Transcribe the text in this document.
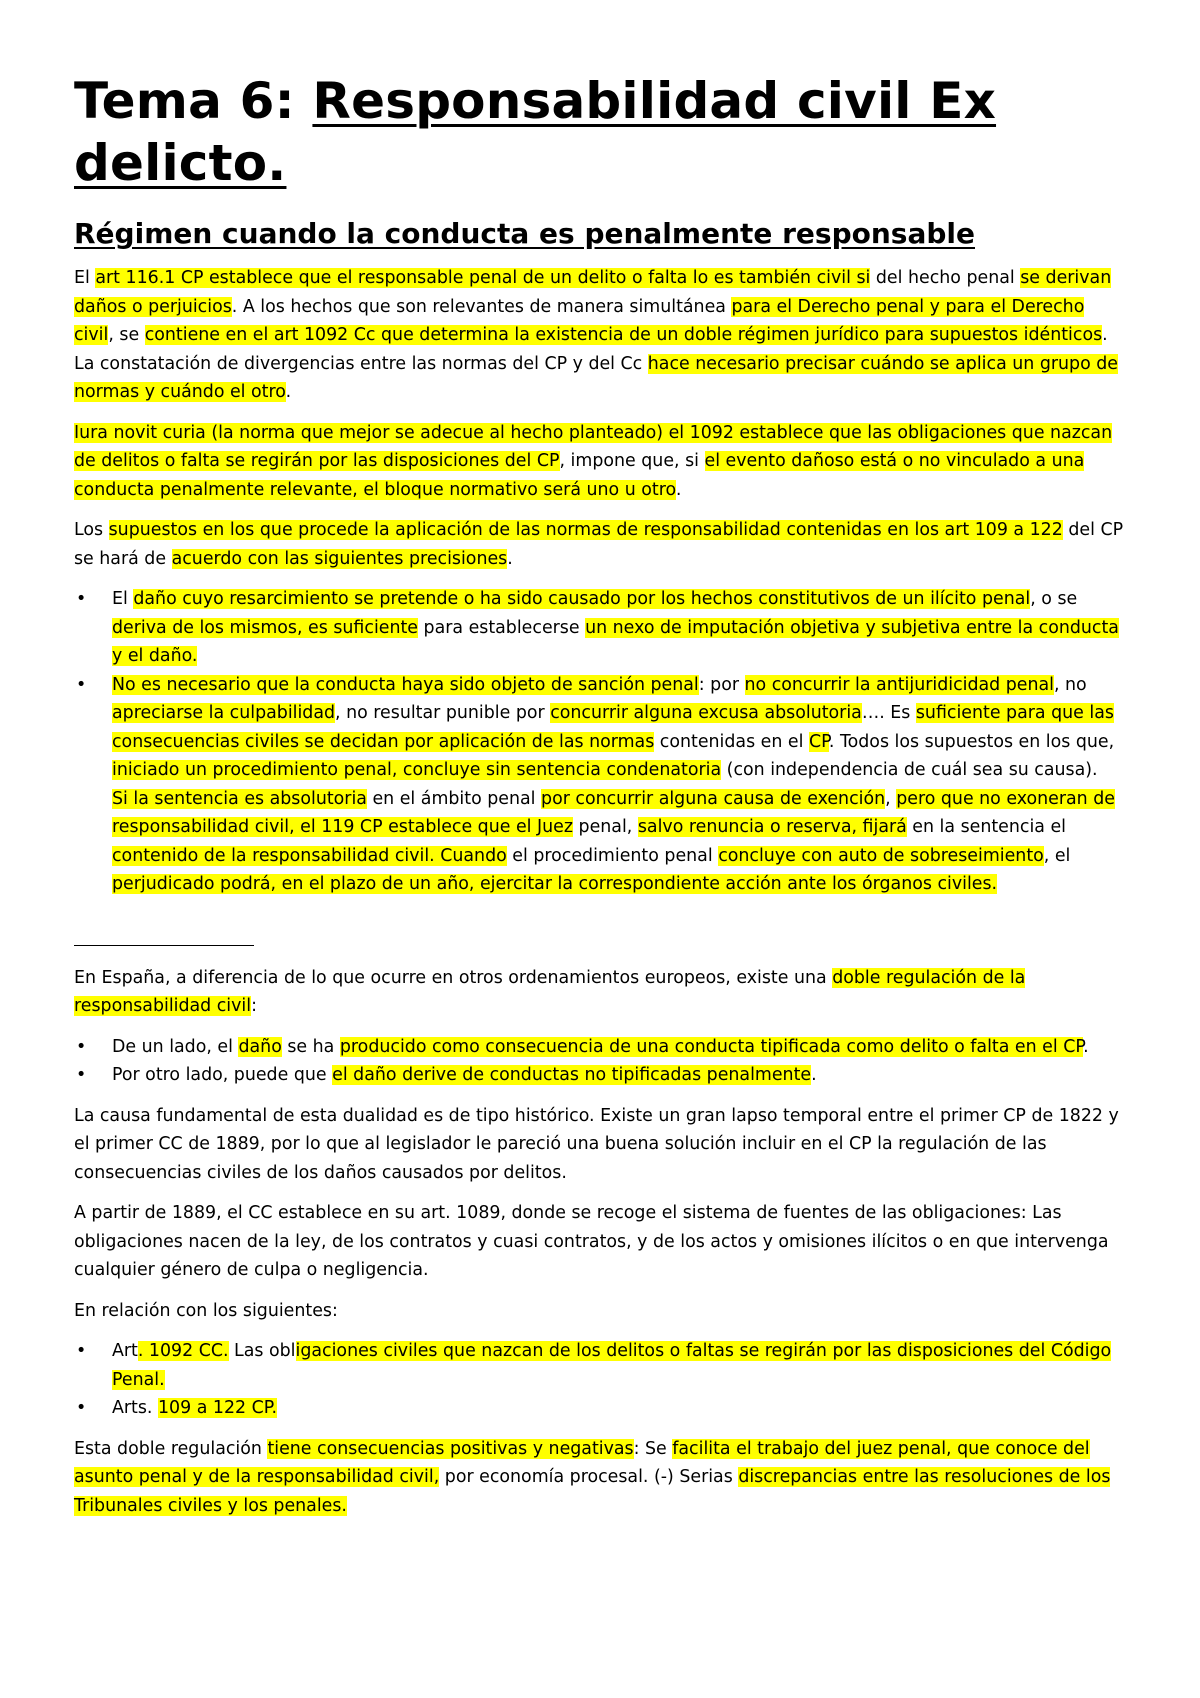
Tema 6: Responsabilidad civil Ex delicto.
Régimen cuando la conducta es penalmente responsable

El art 116.1 CP establece que el responsable penal de un delito o falta lo es también civil si del hecho penal se derivan daños o perjuicios. A los hechos que son relevantes de manera simultánea para el Derecho penal y para el Derecho civil, se contiene en el art 1092 Cc que determina la existencia de un doble régimen jurídico para supuestos idénticos. La constatación de divergencias entre las normas del CP y del Cc hace necesario precisar cuándo se aplica un grupo de normas y cuándo el otro.

Iura novit curia (la norma que mejor se adecue al hecho planteado) el 1092 establece que las obligaciones que nazcan de delitos o falta se regirán por las disposiciones del CP, impone que, si el evento dañoso está o no vinculado a una conducta penalmente relevante, el bloque normativo será uno u otro.

Los supuestos en los que procede la aplicación de las normas de responsabilidad contenidas en los art 109 a 122 del CP se hará de acuerdo con las siguientes precisiones.

• El daño cuyo resarcimiento se pretende o ha sido causado por los hechos constitutivos de un ilícito penal, o se deriva de los mismos, es suficiente para establecerse un nexo de imputación objetiva y subjetiva entre la conducta y el daño.
• No es necesario que la conducta haya sido objeto de sanción penal: por no concurrir la antijuridicidad penal, no apreciarse la culpabilidad, no resultar punible por concurrir alguna excusa absolutoria…. Es suficiente para que las consecuencias civiles se decidan por aplicación de las normas contenidas en el CP. Todos los supuestos en los que, iniciado un procedimiento penal, concluye sin sentencia condenatoria (con independencia de cuál sea su causa).
Si la sentencia es absolutoria en el ámbito penal por concurrir alguna causa de exención, pero que no exoneran de responsabilidad civil, el 119 CP establece que el Juez penal, salvo renuncia o reserva, fijará en la sentencia el contenido de la responsabilidad civil. Cuando el procedimiento penal concluye con auto de sobreseimiento, el perjudicado podrá, en el plazo de un año, ejercitar la correspondiente acción ante los órganos civiles.

En España, a diferencia de lo que ocurre en otros ordenamientos europeos, existe una doble regulación de la responsabilidad civil:

• De un lado, el daño se ha producido como consecuencia de una conducta tipificada como delito o falta en el CP.
• Por otro lado, puede que el daño derive de conductas no tipificadas penalmente.

La causa fundamental de esta dualidad es de tipo histórico. Existe un gran lapso temporal entre el primer CP de 1822 y el primer CC de 1889, por lo que al legislador le pareció una buena solución incluir en el CP la regulación de las consecuencias civiles de los daños causados por delitos.

A partir de 1889, el CC establece en su art. 1089, donde se recoge el sistema de fuentes de las obligaciones: Las obligaciones nacen de la ley, de los contratos y cuasi contratos, y de los actos y omisiones ilícitos o en que intervenga cualquier género de culpa o negligencia.

En relación con los siguientes:

• Art. 1092 CC. Las obligaciones civiles que nazcan de los delitos o faltas se regirán por las disposiciones del Código Penal.
• Arts. 109 a 122 CP.

Esta doble regulación tiene consecuencias positivas y negativas: Se facilita el trabajo del juez penal, que conoce del asunto penal y de la responsabilidad civil, por economía procesal. (-) Serias discrepancias entre las resoluciones de los Tribunales civiles y los penales.
